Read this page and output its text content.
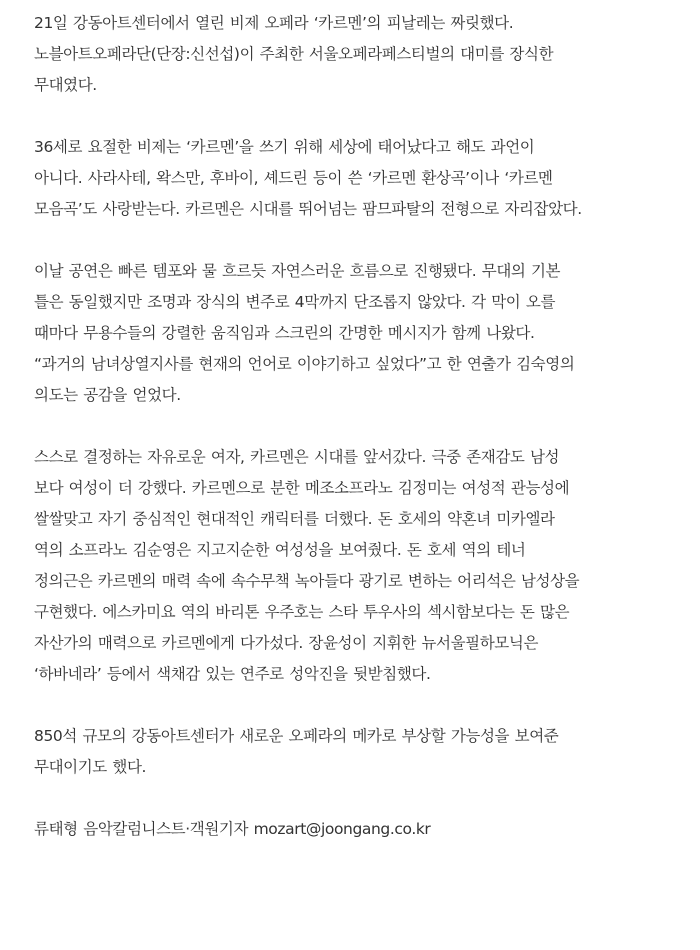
21일 강동아트센터에서 열린 비제 오페라 ‘카르멘’의 피날레는 짜릿했다.
노블아트오페라단(단장:신선섭)이 주최한 서울오페라페스티벌의 대미를 장식한
무대였다.
36세로 요절한 비제는 ‘카르멘’을 쓰기 위해 세상에 태어났다고 해도 과언이
아니다. 사라사테, 왁스만, 후바이, 셰드린 등이 쓴 ‘카르멘 환상곡’이나 ‘카르멘
모음곡’도 사랑받는다. 카르멘은 시대를 뛰어넘는 팜므파탈의 전형으로 자리잡았다.
이날 공연은 빠른 템포와 물 흐르듯 자연스러운 흐름으로 진행됐다. 무대의 기본
틀은 동일했지만 조명과 장식의 변주로 4막까지 단조롭지 않았다. 각 막이 오를
때마다 무용수들의 강렬한 움직임과 스크린의 간명한 메시지가 함께 나왔다.
“과거의 남녀상열지사를 현재의 언어로 이야기하고 싶었다”고 한 연출가 김숙영의
의도는 공감을 얻었다.
스스로 결정하는 자유로운 여자, 카르멘은 시대를 앞서갔다. 극중 존재감도 남성
보다 여성이 더 강했다. 카르멘으로 분한 메조소프라노 김정미는 여성적 관능성에
쌀쌀맞고 자기 중심적인 현대적인 캐릭터를 더했다. 돈 호세의 약혼녀 미카엘라
역의 소프라노 김순영은 지고지순한 여성성을 보여줬다. 돈 호세 역의 테너
정의근은 카르멘의 매력 속에 속수무책 녹아들다 광기로 변하는 어리석은 남성상을
구현했다. 에스카미요 역의 바리톤 우주호는 스타 투우사의 섹시함보다는 돈 많은
자산가의 매력으로 카르멘에게 다가섰다. 장윤성이 지휘한 뉴서울필하모닉은
‘하바네라’ 등에서 색채감 있는 연주로 성악진을 뒷받침했다.
850석 규모의 강동아트센터가 새로운 오페라의 메카로 부상할 가능성을 보여준
무대이기도 했다.
류태형 음악칼럼니스트·객원기자 mozart@joongang.co.kr
